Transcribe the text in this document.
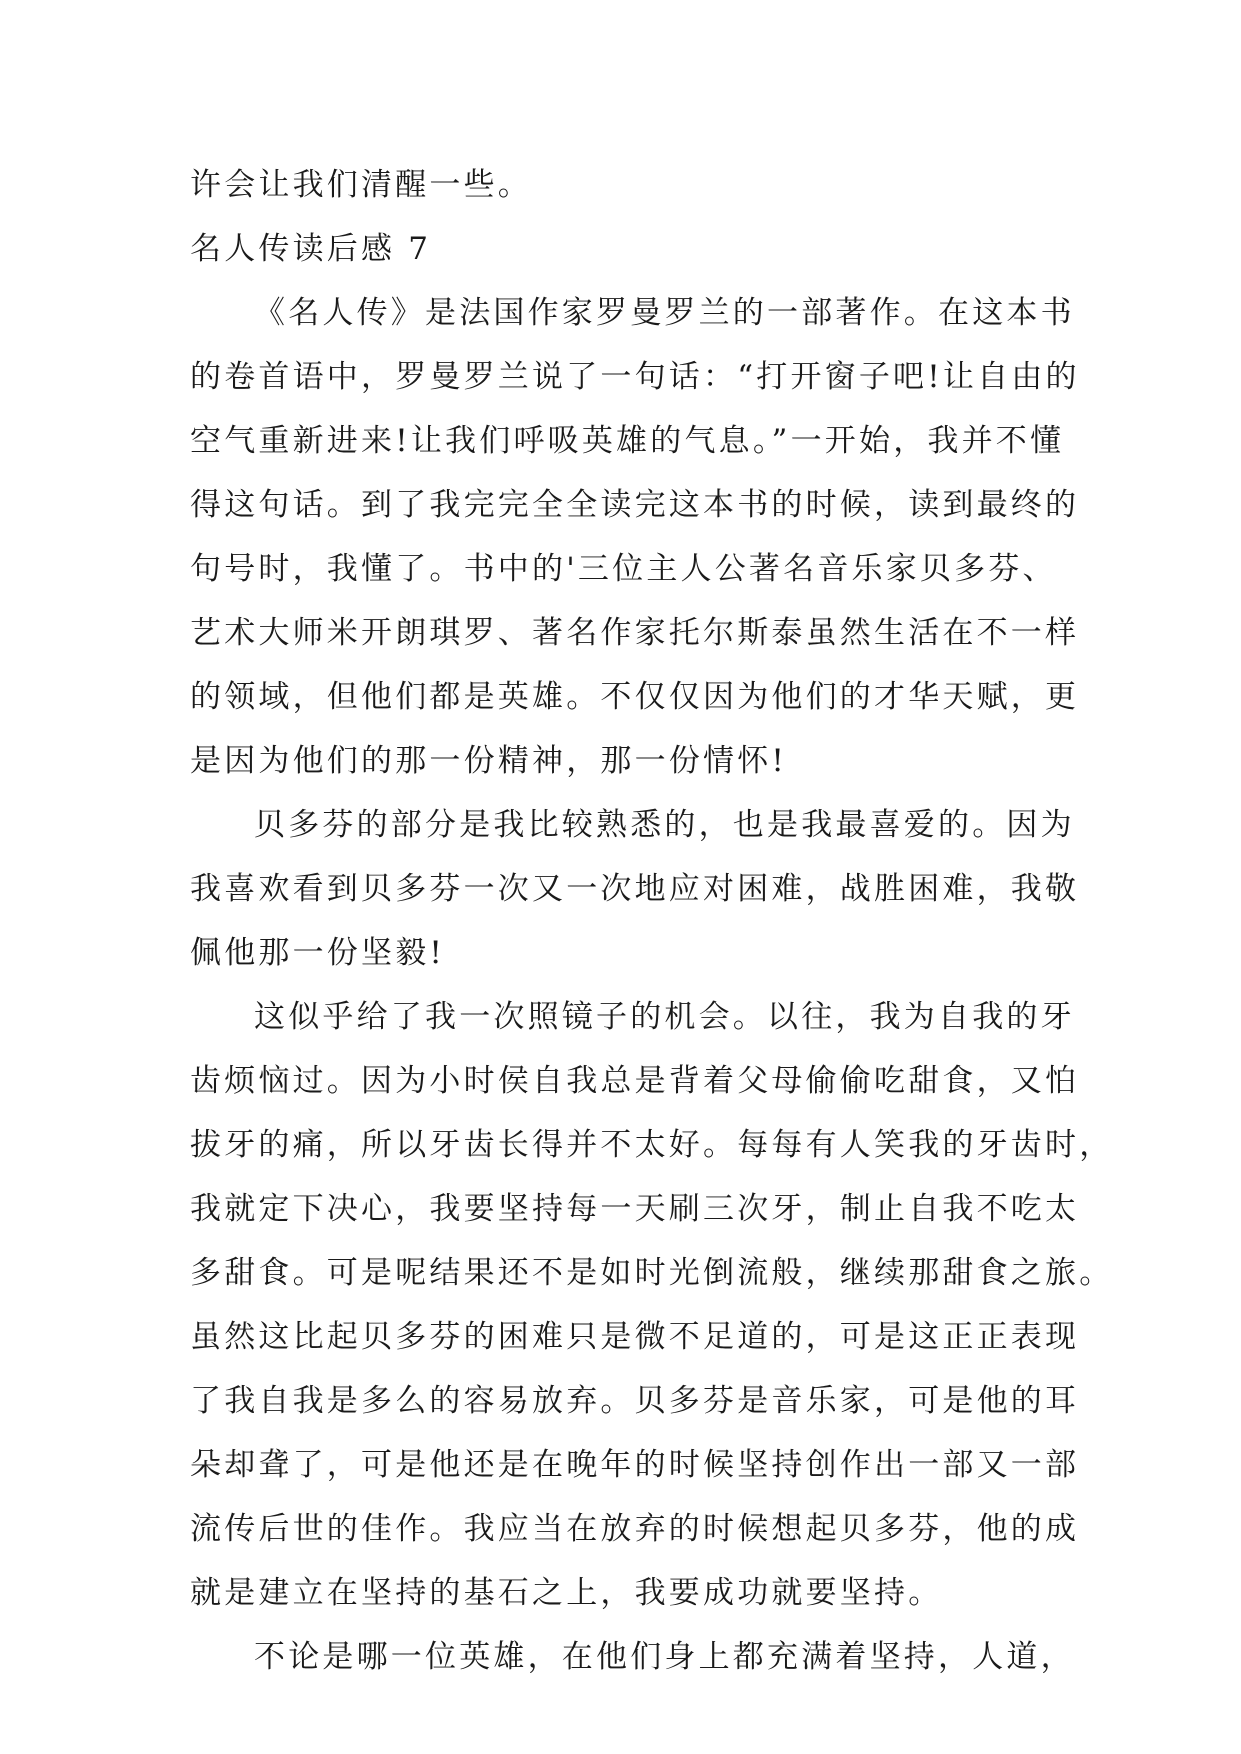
许会让我们清醒一些。
名人传读后感 7
《名人传》是法国作家罗曼罗兰的一部著作。在这本书
的卷首语中，罗曼罗兰说了一句话：“打开窗子吧!让自由的
空气重新进来!让我们呼吸英雄的气息。”一开始，我并不懂
得这句话。到了我完完全全读完这本书的时候，读到最终的
句号时，我懂了。书中的'三位主人公著名音乐家贝多芬、
艺术大师米开朗琪罗、著名作家托尔斯泰虽然生活在不一样
的领域，但他们都是英雄。不仅仅因为他们的才华天赋，更
是因为他们的那一份精神，那一份情怀!
贝多芬的部分是我比较熟悉的，也是我最喜爱的。因为
我喜欢看到贝多芬一次又一次地应对困难，战胜困难，我敬
佩他那一份坚毅!
这似乎给了我一次照镜子的机会。以往，我为自我的牙
齿烦恼过。因为小时侯自我总是背着父母偷偷吃甜食，又怕
拔牙的痛，所以牙齿长得并不太好。每每有人笑我的牙齿时，
我就定下决心，我要坚持每一天刷三次牙，制止自我不吃太
多甜食。可是呢结果还不是如时光倒流般，继续那甜食之旅。
虽然这比起贝多芬的困难只是微不足道的，可是这正正表现
了我自我是多么的容易放弃。贝多芬是音乐家，可是他的耳
朵却聋了，可是他还是在晚年的时候坚持创作出一部又一部
流传后世的佳作。我应当在放弃的时候想起贝多芬，他的成
就是建立在坚持的基石之上，我要成功就要坚持。
不论是哪一位英雄，在他们身上都充满着坚持，人道，
